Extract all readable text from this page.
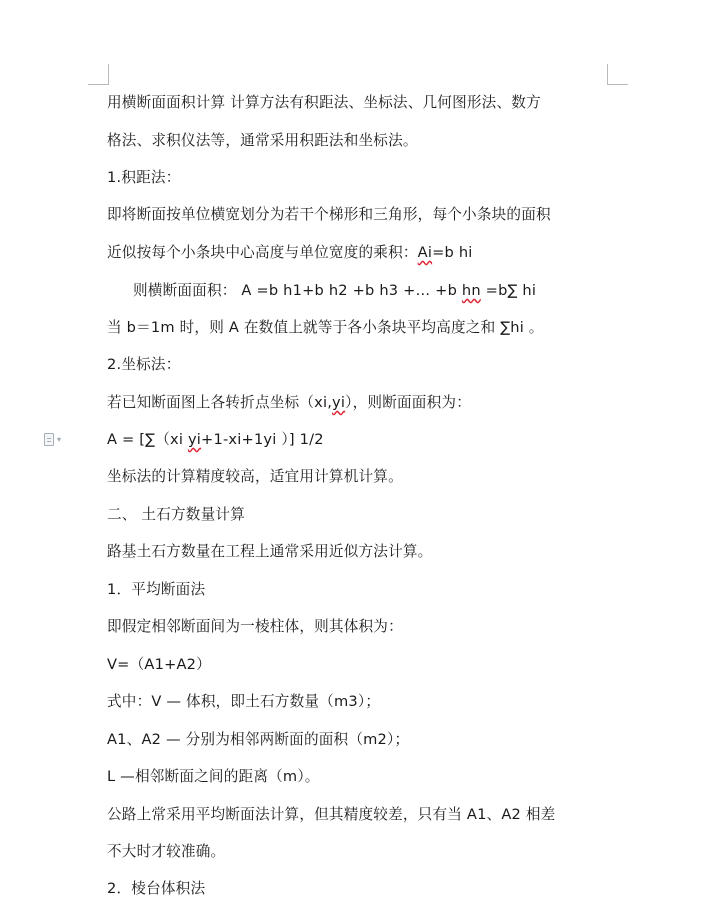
▾
用横断面面积计算 计算方法有积距法、坐标法、几何图形法、数方
格法、求积仪法等，通常采用积距法和坐标法。
1.积距法：
即将断面按单位横宽划分为若干个梯形和三角形，每个小条块的面积
近似按每个小条块中心高度与单位宽度的乘积：Ai=b hi
则横断面面积： A =b h1+b h2 +b h3 +… +b hn =b∑ hi
当 b＝1m 时，则 A 在数值上就等于各小条块平均高度之和 ∑hi 。
2.坐标法：
若已知断面图上各转折点坐标（xi,yi），则断面面积为：
A = [∑（xi yi+1-xi+1yi ）] 1/2
坐标法的计算精度较高，适宜用计算机计算。
二、 土石方数量计算
路基土石方数量在工程上通常采用近似方法计算。
1．平均断面法
即假定相邻断面间为一棱柱体，则其体积为：
V=（A1+A2）
式中：V — 体积，即土石方数量（m3）；
A1、A2 — 分别为相邻两断面的面积（m2）；
L —相邻断面之间的距离（m）。
公路上常采用平均断面法计算，但其精度较差，只有当 A1、A2 相差
不大时才较准确。
2．棱台体积法
